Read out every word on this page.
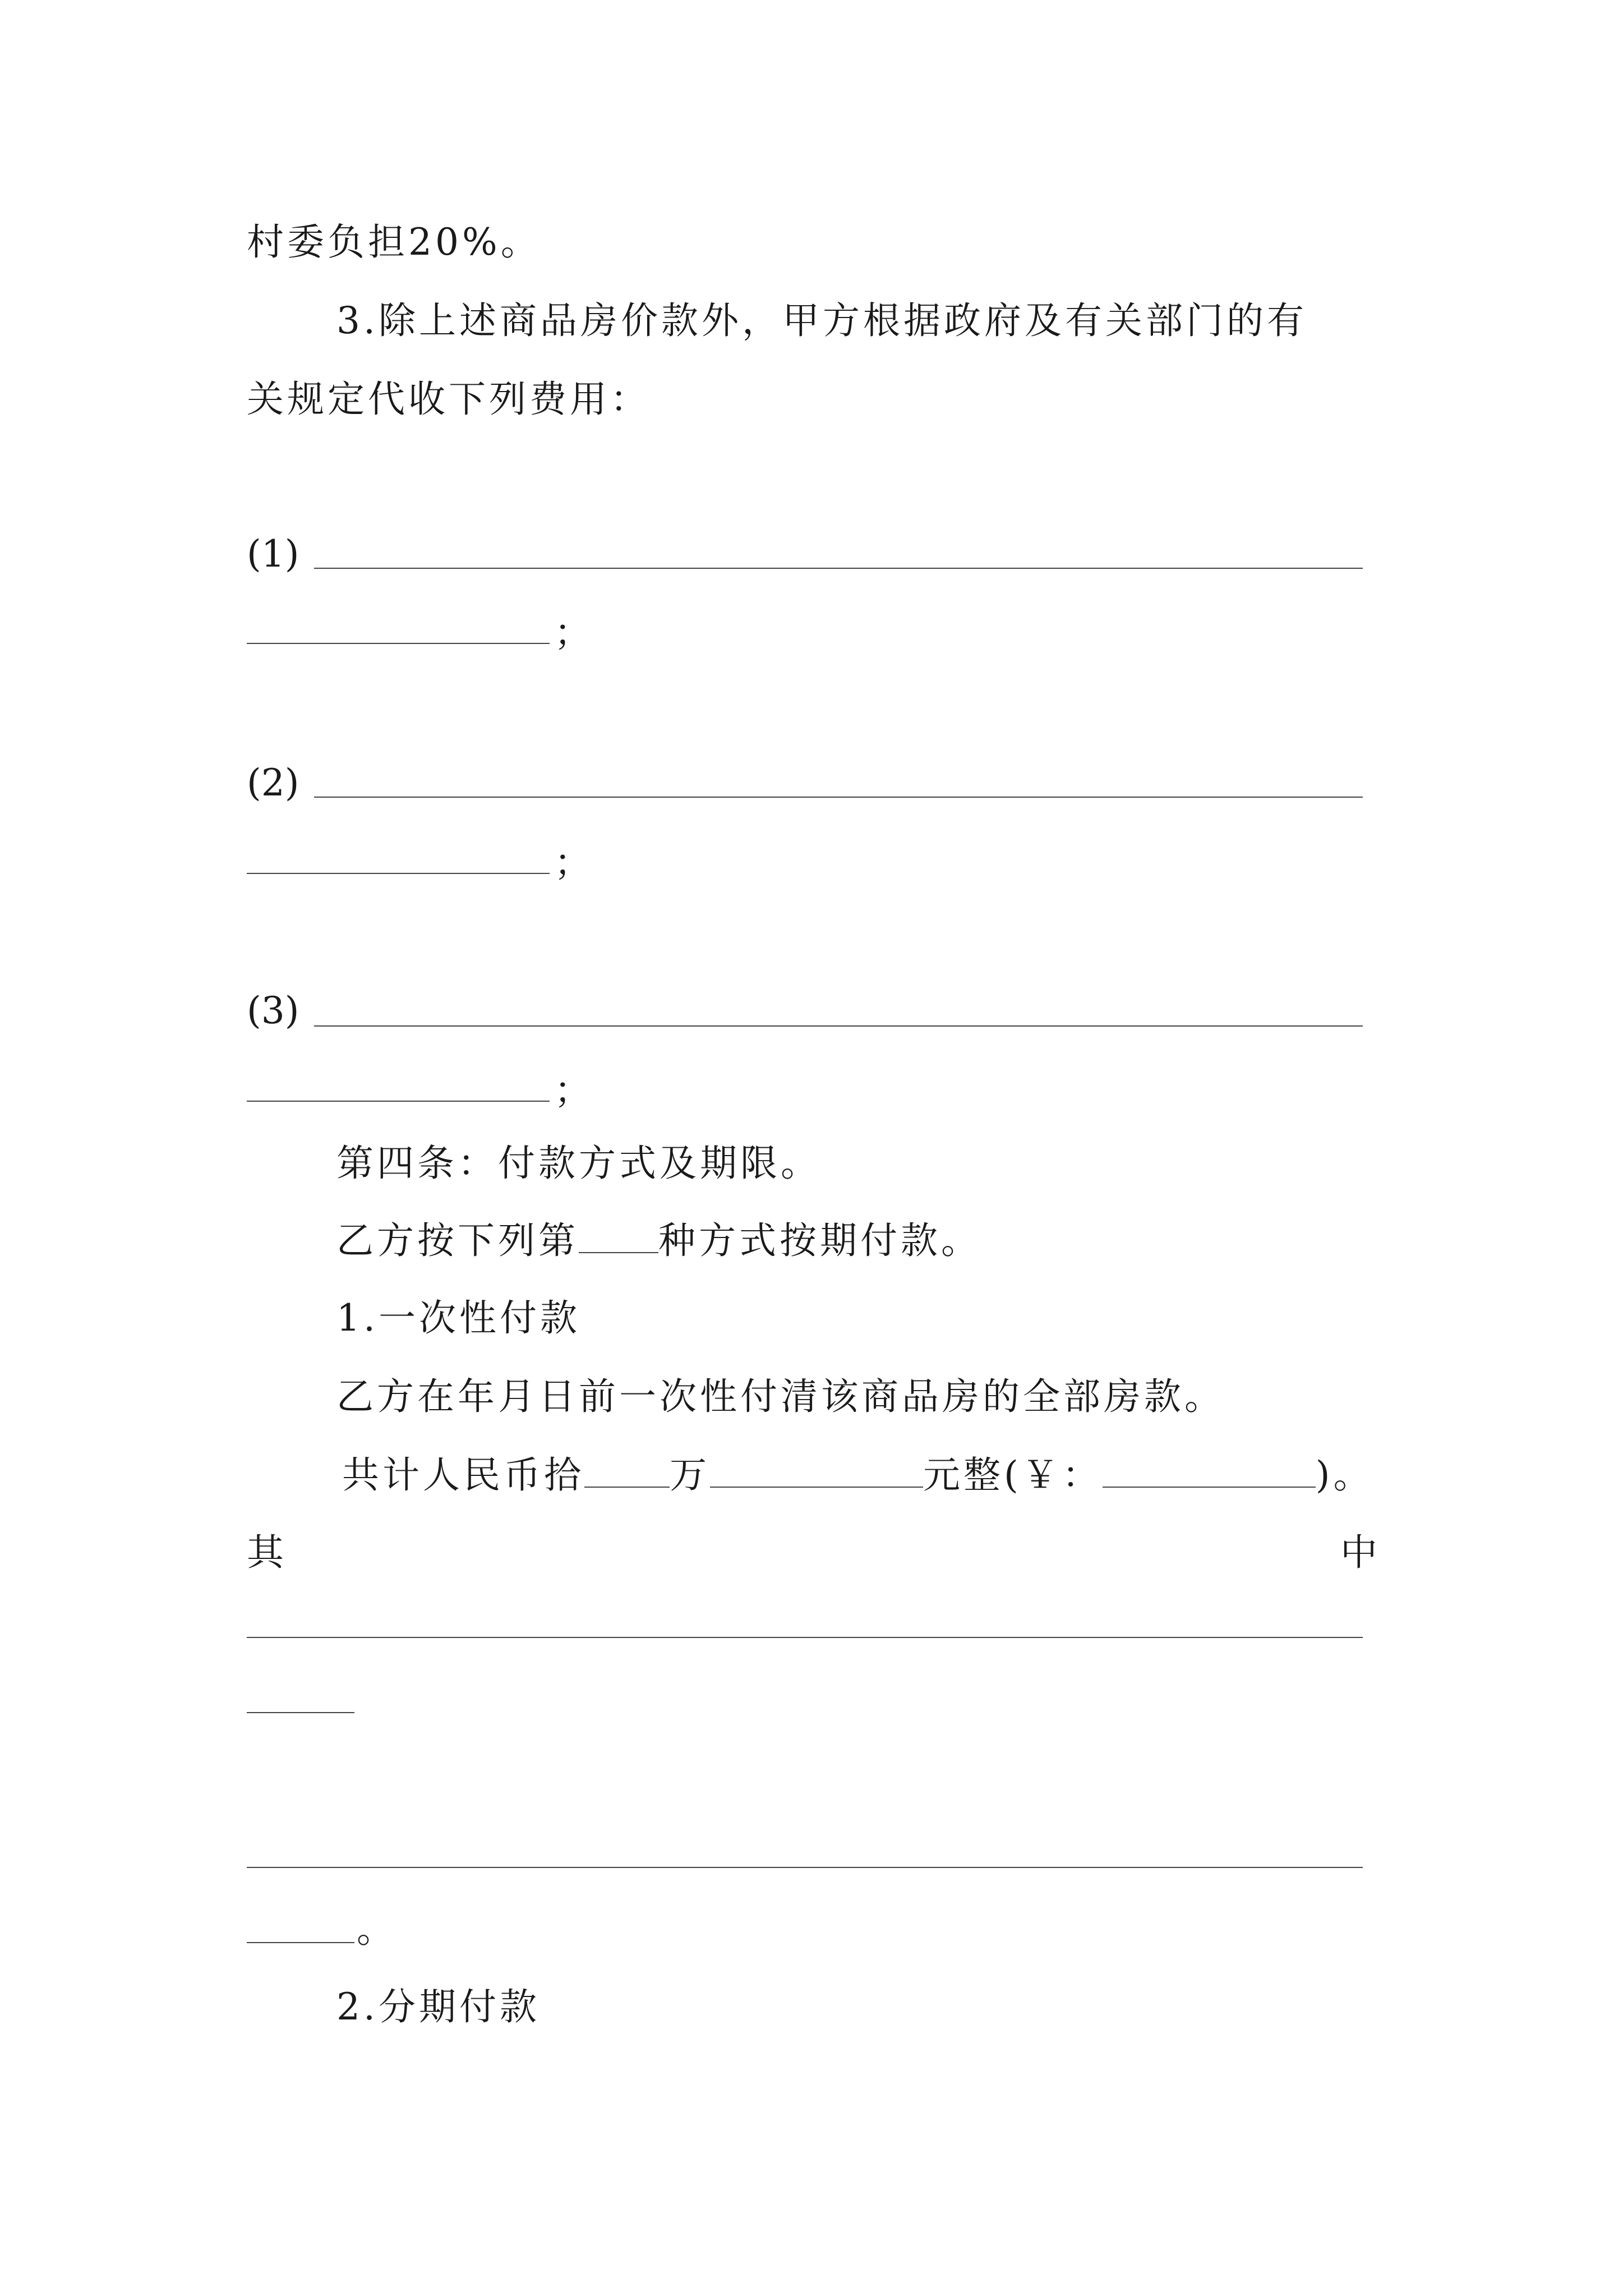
村委负担20%。
3.除上述商品房价款外，甲方根据政府及有关部门的有
关规定代收下列费用：
(1)
；
(2)
；
(3)
；
第四条：付款方式及期限。
乙方按下列第 种方式按期付款。
1.一次性付款
乙方在年月日前一次性付清该商品房的全部房款。
共计人民币拾 万	元整(￥：	)。
其	中
。
2.分期付款
